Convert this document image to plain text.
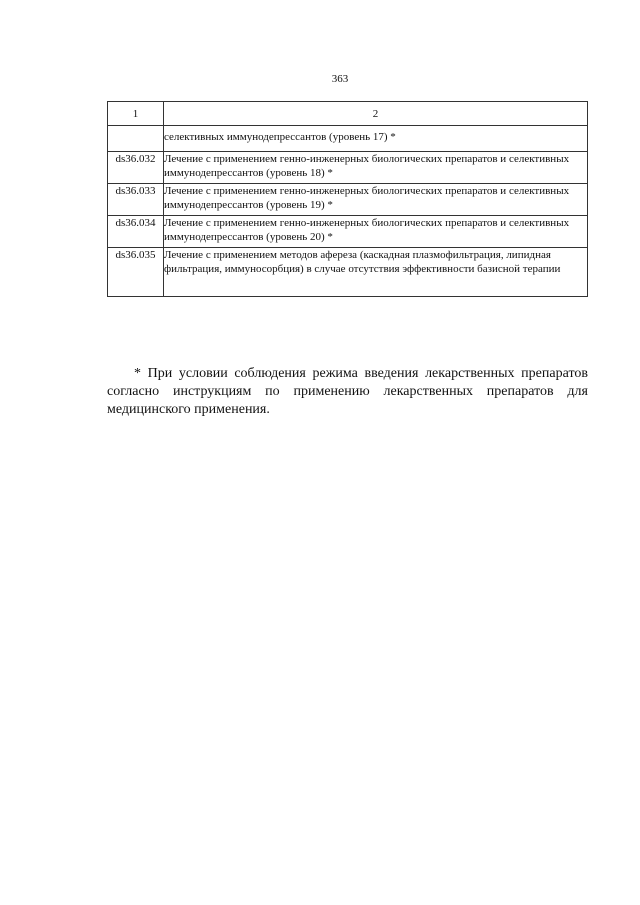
363
1	2
	селективных иммунодепрессантов (уровень 17) *
ds36.032	Лечение с применением генно-инженерных биологических препаратов и селективных иммунодепрессантов (уровень 18) *
ds36.033	Лечение с применением генно-инженерных биологических препаратов и селективных иммунодепрессантов (уровень 19) *
ds36.034	Лечение с применением генно-инженерных биологических препаратов и селективных иммунодепрессантов (уровень 20) *
ds36.035	Лечение с применением методов афереза (каскадная плазмофильтрация, липидная фильтрация, иммуносорбция) в случае отсутствия эффективности базисной терапии

* При условии соблюдения режима введения лекарственных препаратов согласно инструкциям по применению лекарственных препаратов для медицинского применения.
